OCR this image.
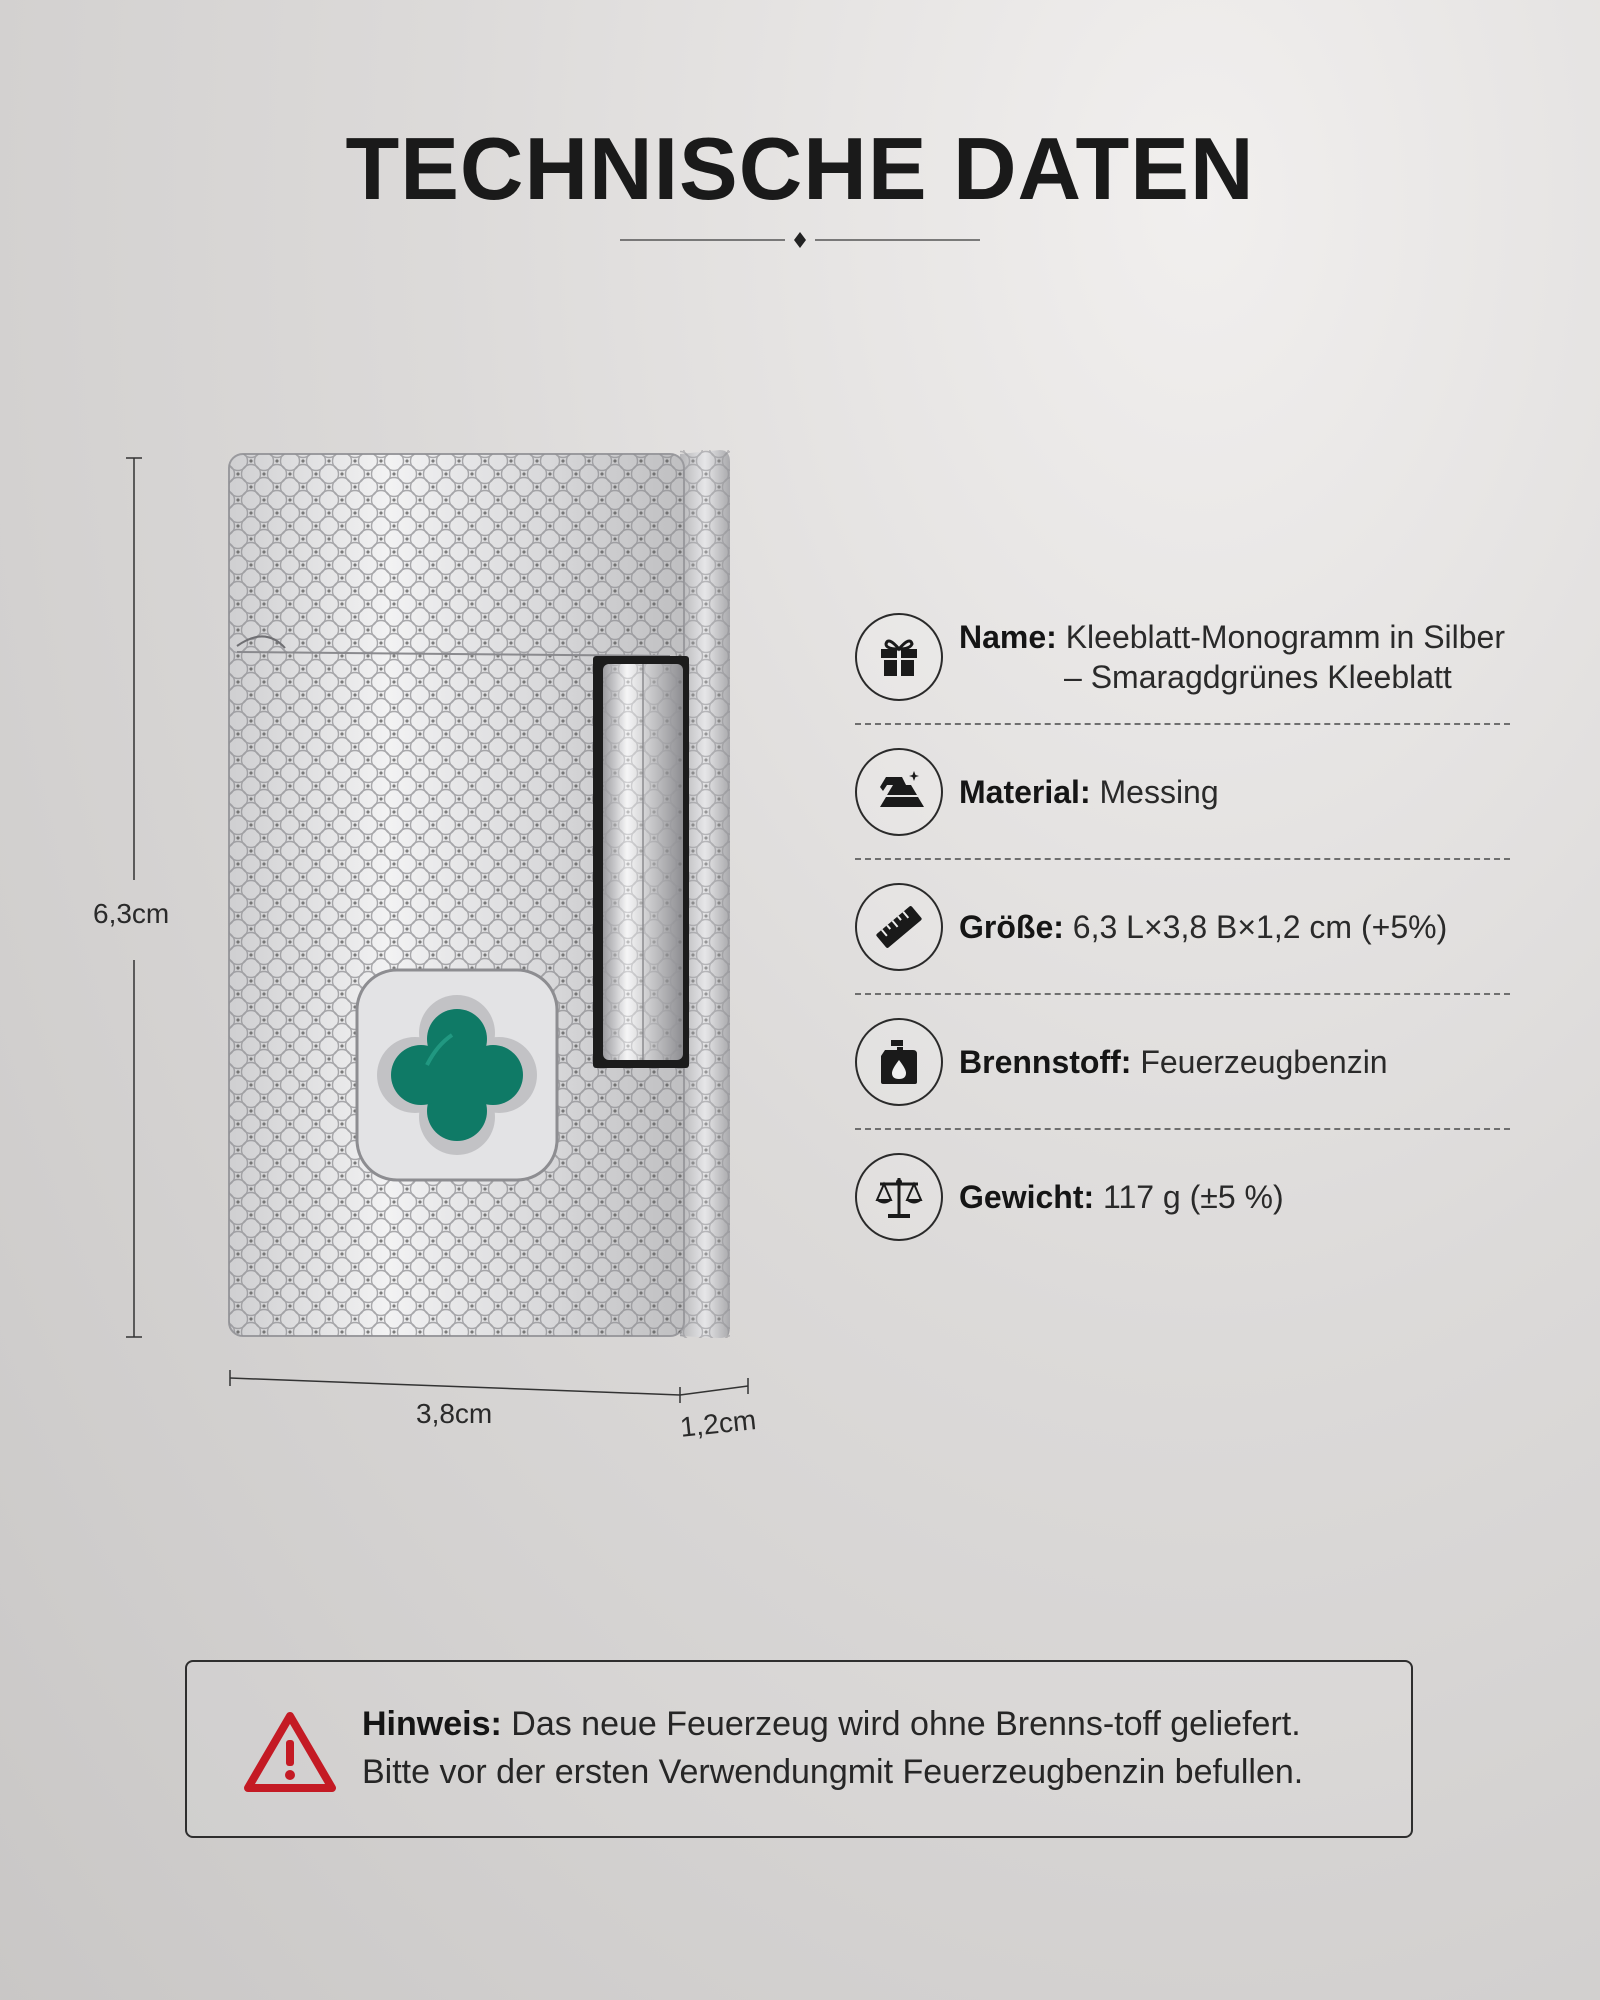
TECHNISCHE DATEN
6,3cm
3,8cm	1,2cm
Name: Kleeblatt-Monogramm in Silber
– Smaragdgrünes Kleeblatt
Material: Messing
Größe: 6,3 L×3,8 B×1,2 cm (+5%)
Brennstoff: Feuerzeugbenzin
Gewicht: 117 g (±5 %)
Hinweis: Das neue Feuerzeug wird ohne Brenns-toff geliefert.
Bitte vor der ersten Verwendungmit Feuerzeugbenzin befullen.
